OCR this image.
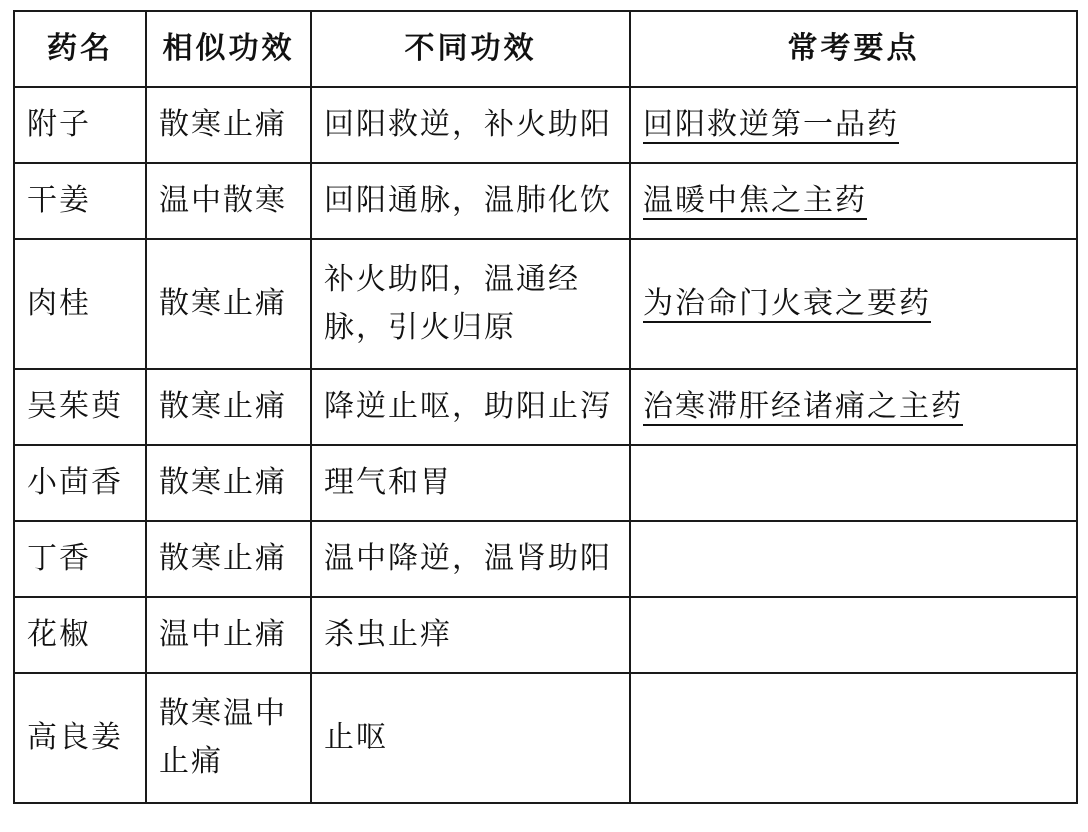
药名	相似功效	不同功效	常考要点
附子	散寒止痛	回阳救逆，补火助阳	回阳救逆第一品药
干姜	温中散寒	回阳通脉，温肺化饮	温暖中焦之主药
肉桂	散寒止痛	补火助阳，温通经脉，引火归原	为治命门火衰之要药
吴茱萸	散寒止痛	降逆止呕，助阳止泻	治寒滞肝经诸痛之主药
小茴香	散寒止痛	理气和胃	
丁香	散寒止痛	温中降逆，温肾助阳	
花椒	温中止痛	杀虫止痒	
高良姜	散寒温中止痛	止呕	
